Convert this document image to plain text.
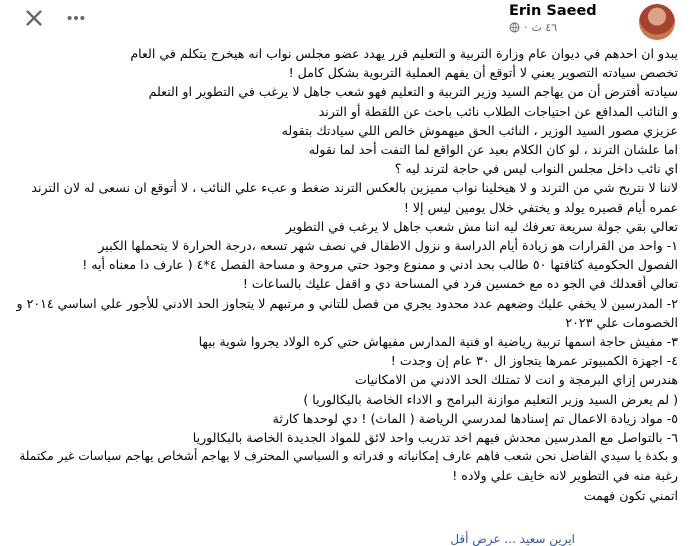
Erin Saeed
· ٤٦ ث

يبدو ان احدهم في ديوان عام وزارة التربية و التعليم قرر يهدد عضو مجلس نواب انه هيخرج يتكلم في العام

تخصص سيادته التصوير يعني لا أتوقع أن يفهم العملية التربوية بشكل كامل !

سيادته أفترض أن من يهاجم السيد وزير التربية و التعليم فهو شعب جاهل لا يرغب في التطوير او التعلم

و النائب المدافع عن احتياجات الطلاب نائب باحث عن اللقطة أو الترند

عزيزي مصور السيد الوزير ، النائب الحق ميهموش خالص اللي سيادتك بتقوله

اما علشان الترند ، لو كان الكلام بعيد عن الواقع لما التفت أحد لما نقوله

اي نائب داخل مجلس النواب ليس في حاجة لترند ليه ؟

لاننا لا نتريح شي من الترند و لا هيخلينا نواب مميزين بالعكس الترند ضغط و عبء علي النائب ، لا أتوقع ان نسعى له لان الترند

عمره أيام قصيره يولد و يختفي خلال يومين ليس إلا !

تعالي بقي جولة سريعة تعرفك ليه اننا مش شعب جاهل لا يرغب في التطوير

١- واحد من القرارات هو زيادة أيام الدراسة و نزول الاطفال في نصف شهر تسعه ،درجة الحرارة لا يتحملها الكبير

الفصول الحكومية كثافتها ٥٠ طالب بحد ادني و ممنوع وجود حتي مروحة و مساحة الفصل ٤*٤ ( عارف دا معناه أيه !

تعالي أقعدلك في الجو ده مع خمسين فرد في المساحة دي و اقفل عليك بالساعات !

٢- المدرسين لا يخفي عليك وضعهم عدد محدود يجري من فصل للتاني و مرتبهم لا يتجاوز الحد الادني للأجور علي اساسي ٢٠١٤ و

الخصومات علي ٢٠٢٣

٣- مفيش حاجة اسمها تربية رياضية او فنية المدارس مفيهاش حتي كره الولاد يجروا شوية بيها

٤- اجهزة الكمبيوتر عمرها يتجاوز ال ٣٠ عام إن وجدت !

هندرس إزاي البرمجة و انت لا تمتلك الحد الادني من الامكانيات

( لم يعرض السيد وزير التعليم موازنة البرامج و الاداء الخاصة بالبكالوريا )

٥- مواد زيادة الاعمال تم إسنادها لمدرسي الرياضة ( الماث) ! دي لوحدها كارثة

٦- بالتواصل مع المدرسين محدش فيهم اخد تدريب واحد لائق للمواد الجديدة الخاصة بالبكالوريا

و بكدة يا سيدي الفاضل نحن شعب فاهم عارف إمكانياته و قدراته و السياسي المحترف لا يهاجم أشخاص يهاجم سياسات غير مكتملة

رغبة منه في التطوير لانه خايف علي ولاده !

اتمني تكون فهمت

ايرين سعيد ... عرض أقل
